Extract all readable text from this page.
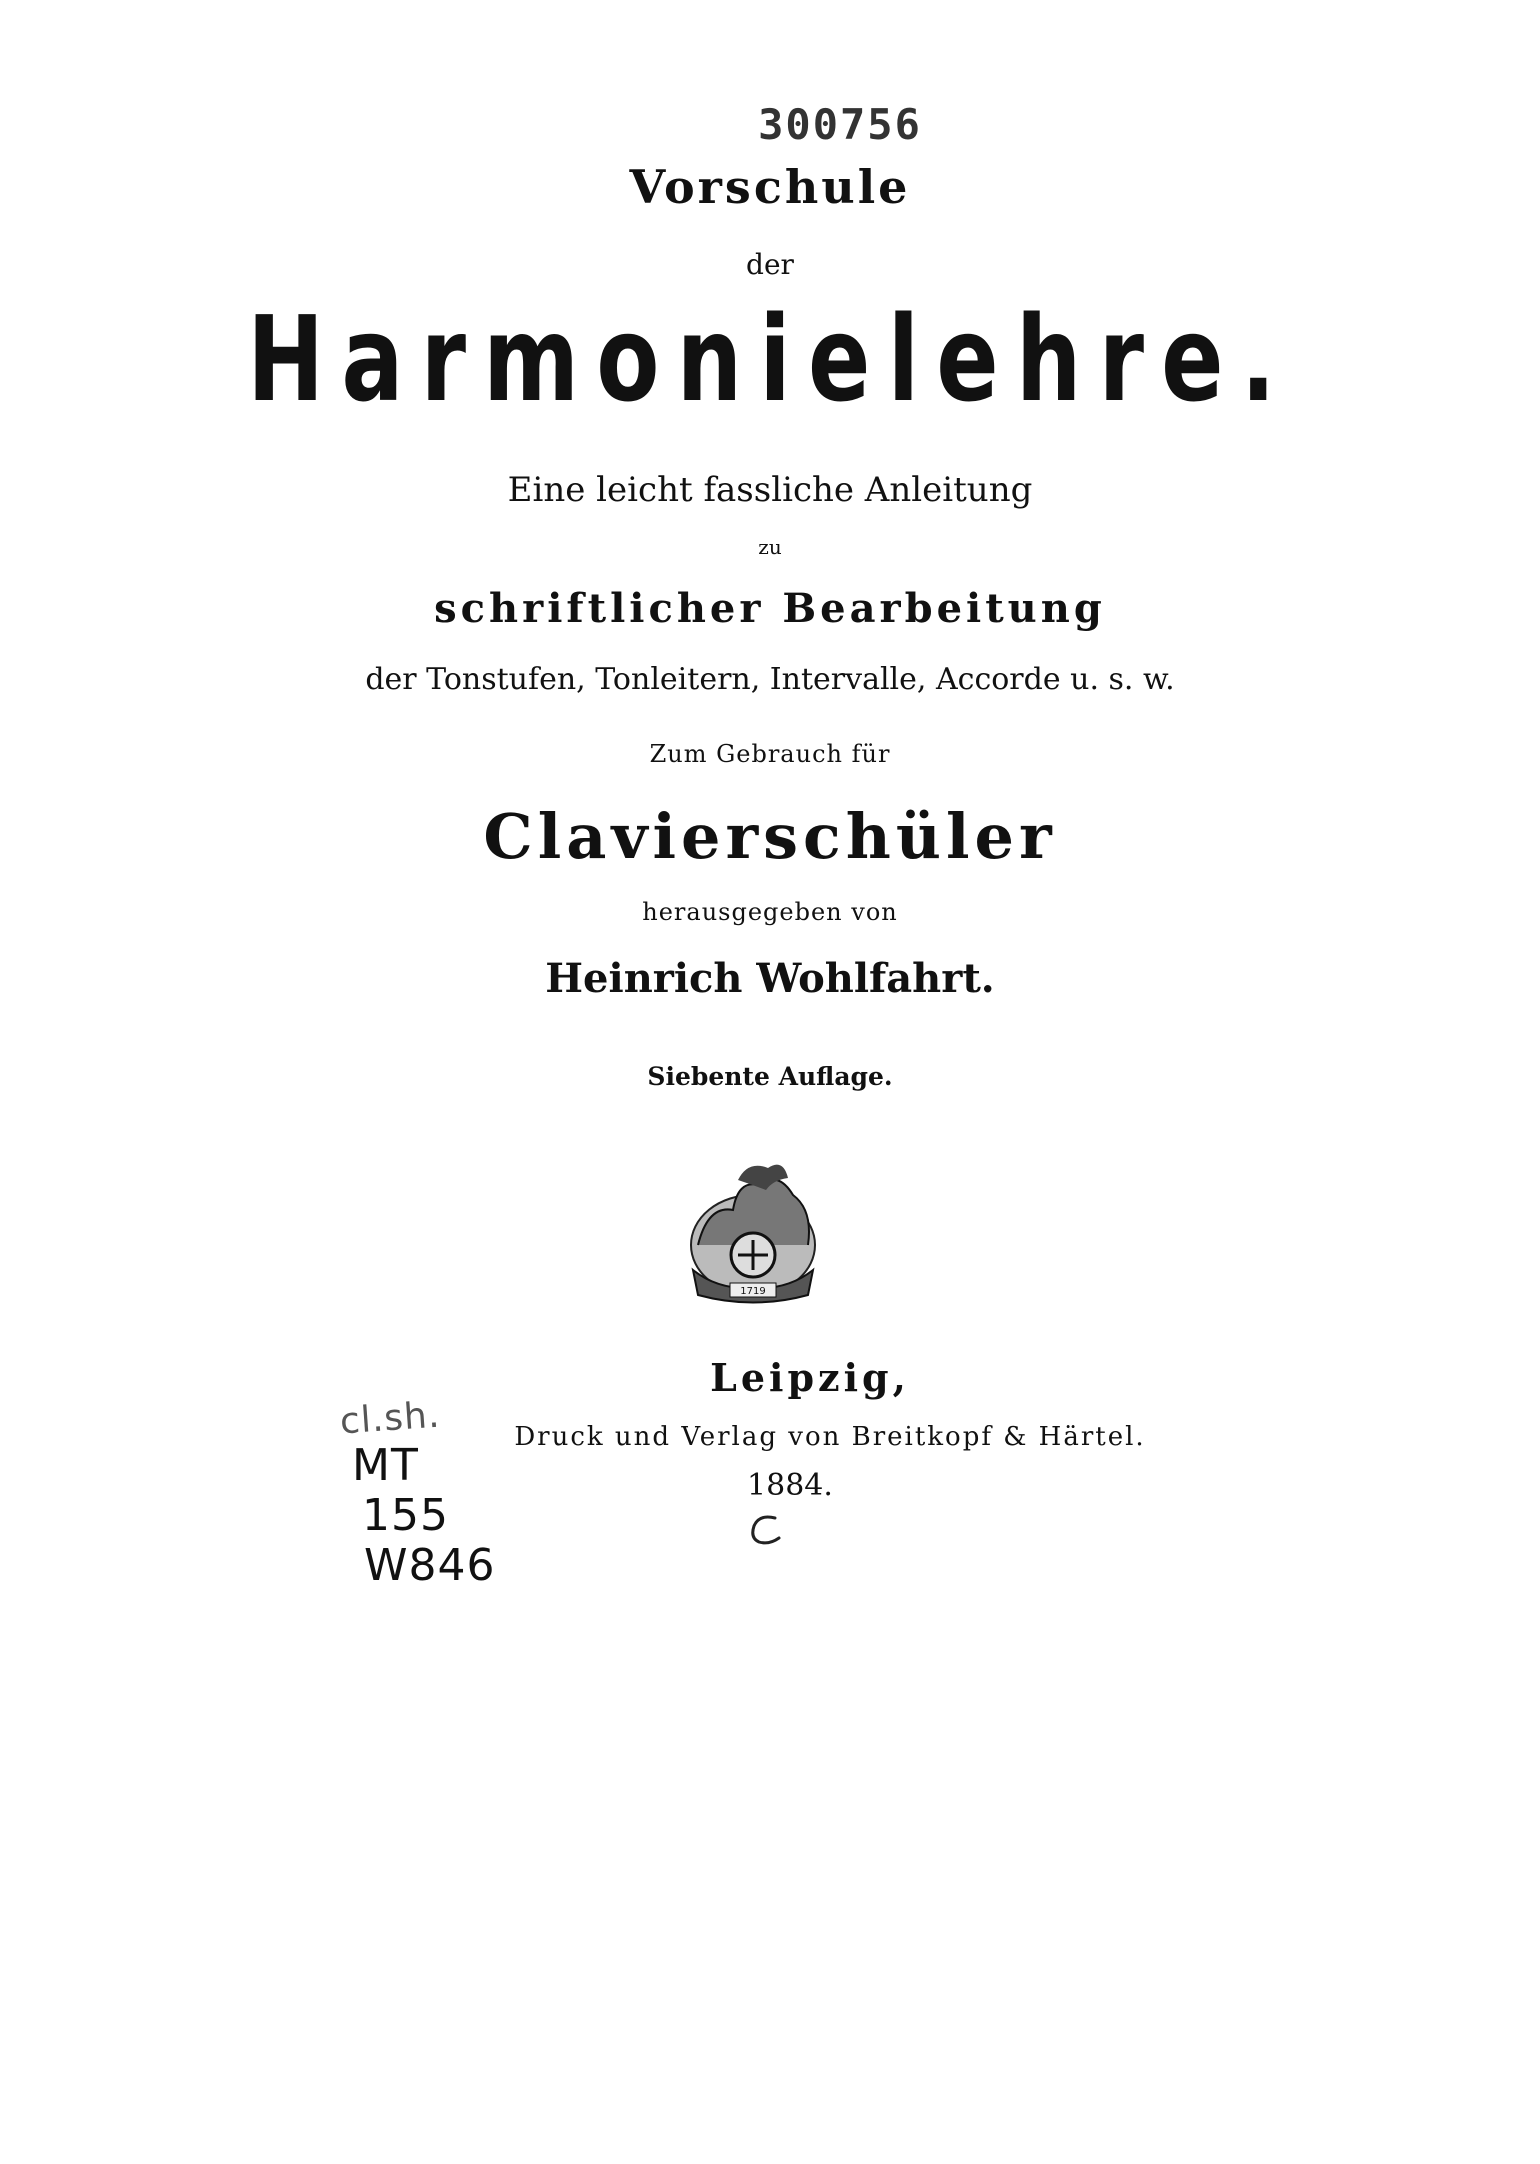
300756
Vorschule
der
Harmonielehre.
Eine leicht fassliche Anleitung
zu
schriftlicher Bearbeitung
der Tonstufen, Tonleitern, Intervalle, Accorde u. s. w.
Zum Gebrauch für
Clavierschüler
herausgegeben von
Heinrich Wohlfahrt.
Siebente Auflage.
1719
Leipzig,
Druck und Verlag von Breitkopf & Härtel.
1884.
cl.sh.
MT
155
W846
